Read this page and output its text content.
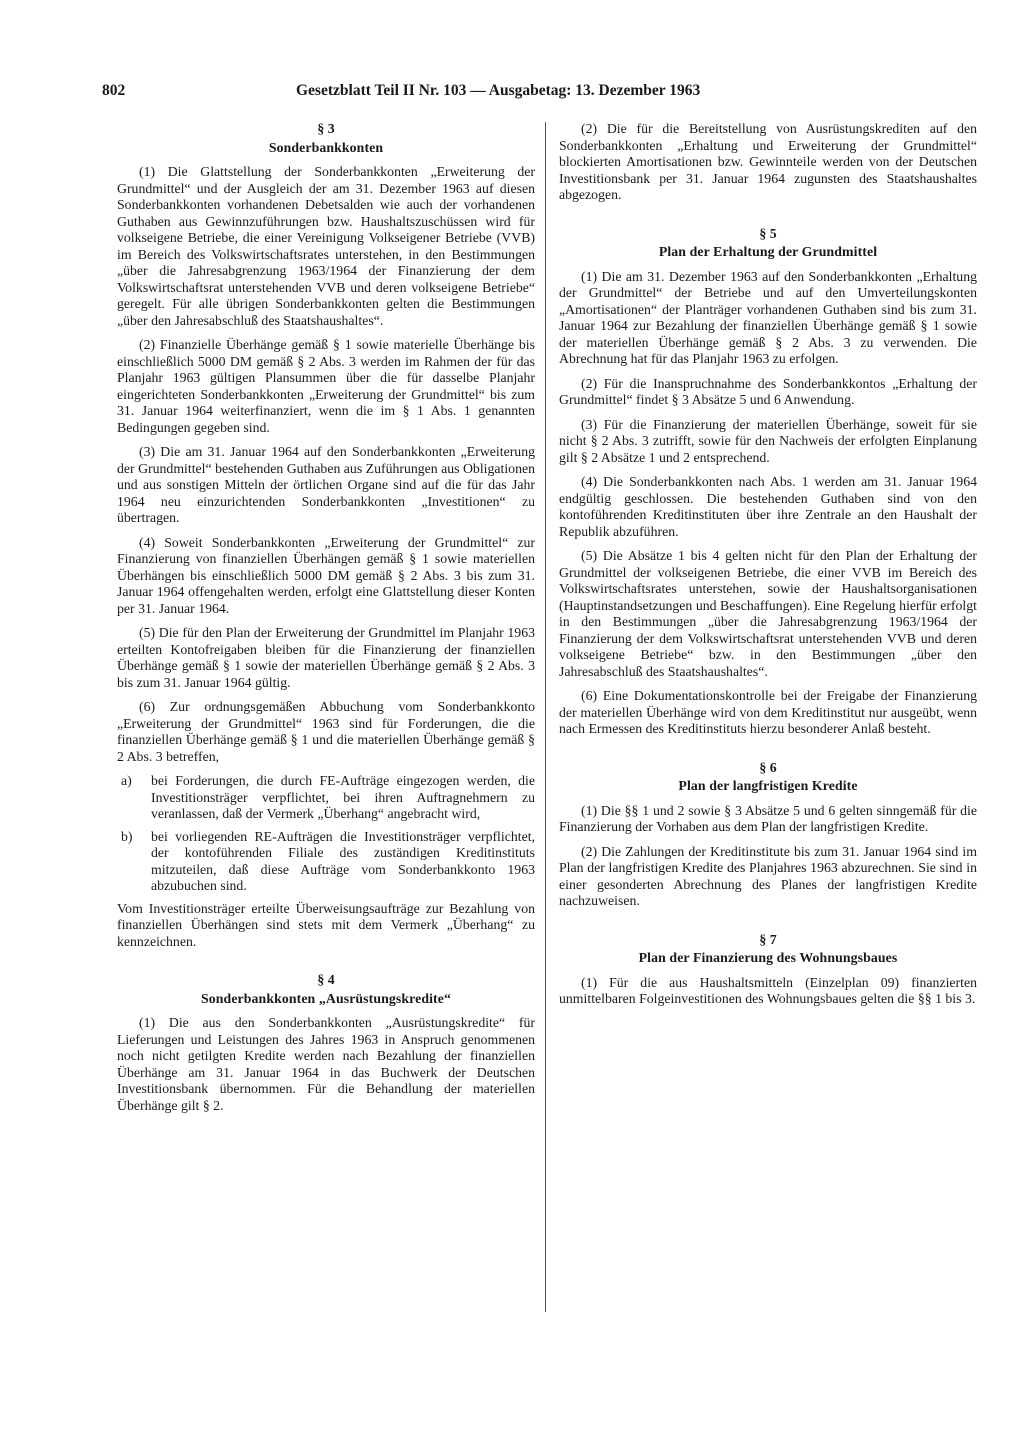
802	Gesetzblatt Teil II Nr. 103 — Ausgabetag: 13. Dezember 1963
§ 3
Sonderbankkonten

(1) Die Glattstellung der Sonderbankkonten „Erweiterung der Grundmittel“ und der Ausgleich der am 31. Dezember 1963 auf diesen Sonderbankkonten vorhandenen Debetsalden wie auch der vorhandenen Guthaben aus Gewinnzuführungen bzw. Haushaltszuschüssen wird für volkseigene Betriebe, die einer Vereinigung Volkseigener Betriebe (VVB) im Bereich des Volkswirtschaftsrates unterstehen, in den Bestimmungen „über die Jahresabgrenzung 1963/1964 der Finanzierung der dem Volkswirtschaftsrat unterstehenden VVB und deren volkseigene Betriebe“ geregelt. Für alle übrigen Sonderbankkonten gelten die Bestimmungen „über den Jahresabschluß des Staatshaushaltes“.

(2) Finanzielle Überhänge gemäß § 1 sowie materielle Überhänge bis einschließlich 5000 DM gemäß § 2 Abs. 3 werden im Rahmen der für das Planjahr 1963 gültigen Plansummen über die für dasselbe Planjahr eingerichteten Sonderbankkonten „Erweiterung der Grundmittel“ bis zum 31. Januar 1964 weiterfinanziert, wenn die im § 1 Abs. 1 genannten Bedingungen gegeben sind.

(3) Die am 31. Januar 1964 auf den Sonderbankkonten „Erweiterung der Grundmittel“ bestehenden Guthaben aus Zuführungen aus Obligationen und aus sonstigen Mitteln der örtlichen Organe sind auf die für das Jahr 1964 neu einzurichtenden Sonderbankkonten „Investitionen“ zu übertragen.

(4) Soweit Sonderbankkonten „Erweiterung der Grundmittel“ zur Finanzierung von finanziellen Überhängen gemäß § 1 sowie materiellen Überhängen bis einschließlich 5000 DM gemäß § 2 Abs. 3 bis zum 31. Januar 1964 offengehalten werden, erfolgt eine Glattstellung dieser Konten per 31. Januar 1964.

(5) Die für den Plan der Erweiterung der Grundmittel im Planjahr 1963 erteilten Kontofreigaben bleiben für die Finanzierung der finanziellen Überhänge gemäß § 1 sowie der materiellen Überhänge gemäß § 2 Abs. 3 bis zum 31. Januar 1964 gültig.

(6) Zur ordnungsgemäßen Abbuchung vom Sonderbankkonto „Erweiterung der Grundmittel“ 1963 sind für Forderungen, die die finanziellen Überhänge gemäß § 1 und die materiellen Überhänge gemäß § 2 Abs. 3 betreffen,

a)	bei Forderungen, die durch FE-Aufträge eingezogen werden, die Investitionsträger verpflichtet, bei ihren Auftragnehmern zu veranlassen, daß der Vermerk „Überhang“ angebracht wird,
b)	bei vorliegenden RE-Aufträgen die Investitionsträger verpflichtet, der kontoführenden Filiale des zuständigen Kreditinstituts mitzuteilen, daß diese Aufträge vom Sonderbankkonto 1963 abzubuchen sind.

Vom Investitionsträger erteilte Überweisungsaufträge zur Bezahlung von finanziellen Überhängen sind stets mit dem Vermerk „Überhang“ zu kennzeichnen.

§ 4
Sonderbankkonten „Ausrüstungskredite“

(1) Die aus den Sonderbankkonten „Ausrüstungskredite“ für Lieferungen und Leistungen des Jahres 1963 in Anspruch genommenen noch nicht getilgten Kredite werden nach Bezahlung der finanziellen Überhänge am 31. Januar 1964 in das Buchwerk der Deutschen Investitionsbank übernommen. Für die Behandlung der materiellen Überhänge gilt § 2.

(2) Die für die Bereitstellung von Ausrüstungskrediten auf den Sonderbankkonten „Erhaltung und Erweiterung der Grundmittel“ blockierten Amortisationen bzw. Gewinnteile werden von der Deutschen Investitionsbank per 31. Januar 1964 zugunsten des Staatshaushaltes abgezogen.

§ 5
Plan der Erhaltung der Grundmittel

(1) Die am 31. Dezember 1963 auf den Sonderbankkonten „Erhaltung der Grundmittel“ der Betriebe und auf den Umverteilungskonten „Amortisationen“ der Planträger vorhandenen Guthaben sind bis zum 31. Januar 1964 zur Bezahlung der finanziellen Überhänge gemäß § 1 sowie der materiellen Überhänge gemäß § 2 Abs. 3 zu verwenden. Die Abrechnung hat für das Planjahr 1963 zu erfolgen.

(2) Für die Inanspruchnahme des Sonderbankkontos „Erhaltung der Grundmittel“ findet § 3 Absätze 5 und 6 Anwendung.

(3) Für die Finanzierung der materiellen Überhänge, soweit für sie nicht § 2 Abs. 3 zutrifft, sowie für den Nachweis der erfolgten Einplanung gilt § 2 Absätze 1 und 2 entsprechend.

(4) Die Sonderbankkonten nach Abs. 1 werden am 31. Januar 1964 endgültig geschlossen. Die bestehenden Guthaben sind von den kontoführenden Kreditinstituten über ihre Zentrale an den Haushalt der Republik abzuführen.

(5) Die Absätze 1 bis 4 gelten nicht für den Plan der Erhaltung der Grundmittel der volkseigenen Betriebe, die einer VVB im Bereich des Volkswirtschaftsrates unterstehen, sowie der Haushaltsorganisationen (Hauptinstandsetzungen und Beschaffungen). Eine Regelung hierfür erfolgt in den Bestimmungen „über die Jahresabgrenzung 1963/1964 der Finanzierung der dem Volkswirtschaftsrat unterstehenden VVB und deren volkseigene Betriebe“ bzw. in den Bestimmungen „über den Jahresabschluß des Staatshaushaltes“.

(6) Eine Dokumentationskontrolle bei der Freigabe der Finanzierung der materiellen Überhänge wird von dem Kreditinstitut nur ausgeübt, wenn nach Ermessen des Kreditinstituts hierzu besonderer Anlaß besteht.

§ 6
Plan der langfristigen Kredite

(1) Die §§ 1 und 2 sowie § 3 Absätze 5 und 6 gelten sinngemäß für die Finanzierung der Vorhaben aus dem Plan der langfristigen Kredite.

(2) Die Zahlungen der Kreditinstitute bis zum 31. Januar 1964 sind im Plan der langfristigen Kredite des Planjahres 1963 abzurechnen. Sie sind in einer gesonderten Abrechnung des Planes der langfristigen Kredite nachzuweisen.

§ 7
Plan der Finanzierung des Wohnungsbaues

(1) Für die aus Haushaltsmitteln (Einzelplan 09) finanzierten unmittelbaren Folgeinvestitionen des Wohnungsbaues gelten die §§ 1 bis 3.
